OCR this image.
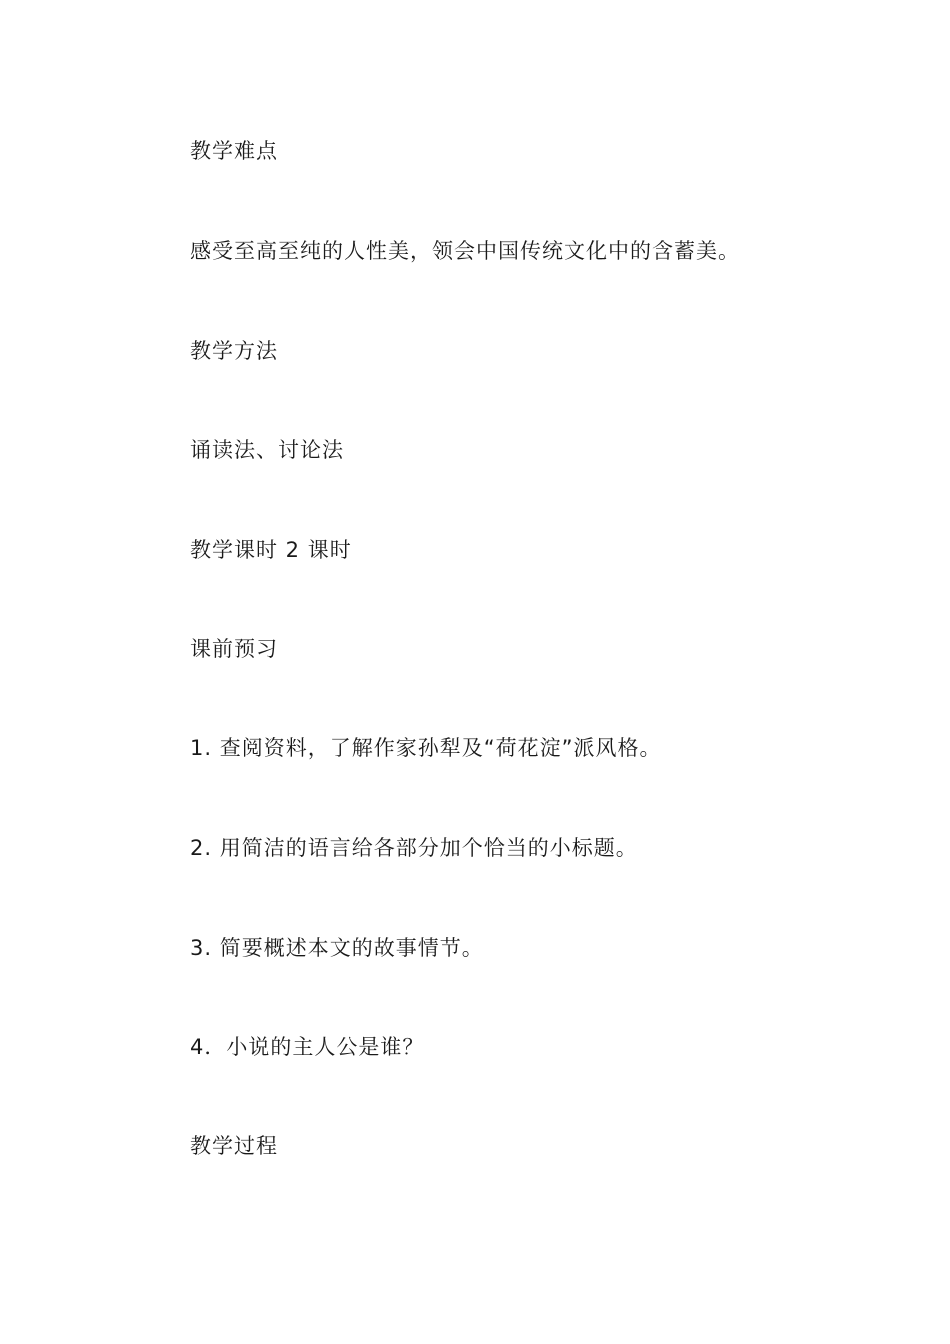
教学难点
感受至高至纯的人性美，领会中国传统文化中的含蓄美。
教学方法
诵读法、讨论法
教学课时 2 课时
课前预习
1. 查阅资料，了解作家孙犁及“荷花淀”派风格。
2. 用简洁的语言给各部分加个恰当的小标题。
3. 简要概述本文的故事情节。
4．小说的主人公是谁？
教学过程
